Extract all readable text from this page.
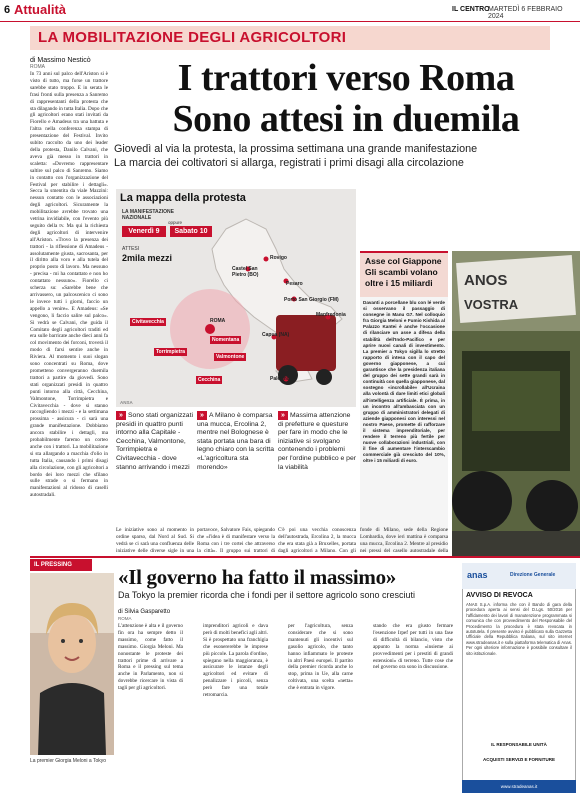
6 Attualità	IL CENTRO
MARTEDÌ 6 FEBBRAIO 2024
LA MOBILITAZIONE DEGLI AGRICOLTORI
di Massimo Nesticò
ROMA
In 73 anni sul palco dell'Ariston si è visto di tutto, ma forse un trattore sarebbe stato troppo. E in serata le frasi fronti sulla presenza a Sanremo di rappresentanti della protesta che sta dilagando in tutta Italia. Dopo che gli agricoltori erano stati invitati da Fiorello e Amadeus tra una battuta e l'altra nella conferenza stampa di presentazione del Festival. Invito subito raccolto da uno dei leader della protesta, Danilo Calvani, che aveva già messo in trattori in scaletta: «Dovremo rappresentare saltire sul palco di Sanremo. Siamo in contatto con l'organizzazione del Festival per stabilire i dettagli». Secca la smentita da viale Mazzini: nessun contatto con le associazioni degli agricoltori. Sicuramente la mobilitazione avrebbe trovato una vetrina invidiabile, con l'evento più seguito della tv. Ma qui la richiesta degli agricoltori di intervenire all'Ariston. «Trovo la presenza dei trattori - la riflessione di Amadeus - assolutamente giusta, sacrosanta, per il diritto alla voro e alla tutela del proprio posto di lavoro. Ma nessuno - precisa - mi ha contattato e non ho contattato nessuno». Fiorello ci scherza su: «Sarebbe bene che arrivassero, un palcoscenico ci sono le invece tutti i giorni, faccio un appello a venire». E Amadeus: «Se vengono, li faccio salire sul palco». Si vedrà se Calvani, che guida il Comitato degli agricoltori traditi ed era sulle barricate anche dieci anni fa col movimento dei forconi, troverà il modo di farsi sentire anche in Riviera. Al momento i suoi slogan sono concentrati su Roma, dove prometteno convergeranno duemila trattori a partire da giovedì. Sono stati organizzati presidi in quattro punti intorno alla città, Cecchina, Valmontone, Torrimpietra e Civitavecchia - dove si stanno raccogliendo i mezzi - e la settimana prossima - assicura - ci sarà una grande manifestazione. Dobbiamo ancora stabilire i dettagli, ma probabilmente faremo un corteo anche con i trattori. La mobilitazione si sta allargando a macchia d'olio in tutta Italia, causando i primi disagi alla circolazione, con gli agricoltori a bordo dei loro mezzi che sfilano sulle strade o si fermano in manifestazioni al ridosso di caselli autostradali.
I trattori verso Roma
Sono attesi in duemila
Giovedì al via la protesta, la prossima settimana una grande manifestazione
La marcia dei coltivatori si allarga, registrati i primi disagi alla circolazione
La mappa della protesta
LA MANIFESTAZIONE NAZIONALE
Venerdì 9
oppure
Sabato 10
ATTESI
2mila mezzi	Rovigo
Castel San Pietro (BO)
Pesaro
Porto San Giorgio (FM)
ROMA
Manfredonia
Capua (NA)
Palermo
Civitavecchia
Torrimpietra
Nomentana
Valmontone
Cecchina
ANSA
Asse col Giappone Gli scambi volano oltre i 15 miliardi
Davanti a porcellane blu con lé verde si osservano il passaggio di consegne in Manu G7. Nel colloquio fra Giorgia Meloni e Fumio Kishida al Palazzo Kantei è anche l'occasione di rilanciare un asse a difesa della stabilità dell'Indo-Pacifico e per aprire nuovi canali di investimento. La premier a Tokyo sigilla lo stretto rapporto di intesa con il capo del governo giapponese, a cui garantisce che la presidenza italiana del gruppo dei sette grandi sarà in continuità con quella giapponese, dal sostegno «incrollabile» all'Ucraina alla volontà di dare limiti etici globali all'intelligenza artificiale. È prima, in un incontro all'ambasciata con un gruppo di amministratori delegati di aziende giapponesi con interessi nel nostro Paese, promette di rafforzare il sistema imprenditoriale, per rendere il terreno più fertile per nuove collaborazioni industriali, con il fine di aumentare l'interscambio commerciale già cresciuto del 10%, oltre i 15 miliardi di euro.
ANOS
VOSTRA
» Sono stati organizzati presidi in quattro punti intorno alla Capitale - Cecchina, Valmontone, Torrimpietra e Civitavecchia - dove stanno arrivando i mezzi
» A Milano è comparsa una mucca, Ercolina 2, mentre nel Bolognese è stata portata una bara di legno chiaro con la scritta «L'agricoltura sta morendo»
» Massima attenzione di prefetture e questure per fare in modo che le iniziative si svolgano contenendo i problemi per l'ordine pubblico e per la viabilità
Le iniziative sono al momento in ordine sparso, dal Nord al Sud. Si vedrà se ci sarà una confluenza delle iniziative delle diverse sigle in una
portavoce, Salvatore Fais, spiegando che «l'idea è di manifestare verso la Roma con i tre cortei che attraverso la città». Il gruppo sui trattori di
C'è poi una vecchia conoscenza dell'autostrada, Ercolina 2, la mucca che era stata già a Bruxelles, portata dagli agricoltori a Milano. Con gli
fonde di Milano, sede della Regione Lombardia, dove ieri mattina è comparsa una mucca, Ercolina 2. Mentre al presidio nei pressi del casello autostradale della
IL PRESSING
La premier Giorgia Meloni a Tokyo
«Il governo ha fatto il massimo»
Da Tokyo la premier ricorda che i fondi per il settore agricolo sono cresciuti
di Silvia Gasparetto
ROMA
L'attenzione è alta e il governo fin ora ha sempre detto il massimo, come fatto il massimo. Giorgia Meloni. Ma nonostante le proteste dei trattori prime di arrivare a Roma e il pressing sul tema anche in Parlamento, non si dovrebbe ricercare in vista di tagli per gli agricoltori.
imprenditori agricoli e dava però di molti benefici agli altri. Si è prospettato una franchigia che esonererebbe le imprese più piccole. La parola d'ordine, spiegano nella maggioranza, è assicurare le istanze degli agricoltori ed evitare di penalizzare i piccoli, senza però fare una totale retromarcia.
per l'agricoltura, senza considerare che si sono mantenuti gli incentivi sul gasolio agricolo, che tanto hanno infiammato le proteste in altri Paesi europei. Il partito della premier ricorda anche lo stop, prima in Ue, alla carne coltivata, una scelta «netta» che è entrata in vigore.
stando che era giusto fermare l'esenzione Irpef per tutti in una fase di difficoltà di bilancio, visto che appunto la norma «insieme ai provvedimenti per i prestiti di grandi estensioni» di terreno. Tutte cose che nel governo ora sono in discussione.
anas	Direzione Generale
AVVISO DI REVOCA
ANAS S.p.A. informa che con il Bando di gara della procedura aperta ai sensi del D.Lgs. 50/2016 per l'affidamento dei lavori di manutenzione programmata si comunica che con provvedimento del Responsabile del Procedimento la procedura è stata revocata in autotutela. Il presente avviso è pubblicato sulla Gazzetta Ufficiale della Repubblica Italiana, sul sito internet www.stradeanas.it e sulla piattaforma telematica di Anas. Per ogni ulteriore informazione è possibile consultare il sito istituzionale.
IL RESPONSABILE UNITÀ
ACQUISTI SERVIZI E FORNITURE
www.stradeanas.it
